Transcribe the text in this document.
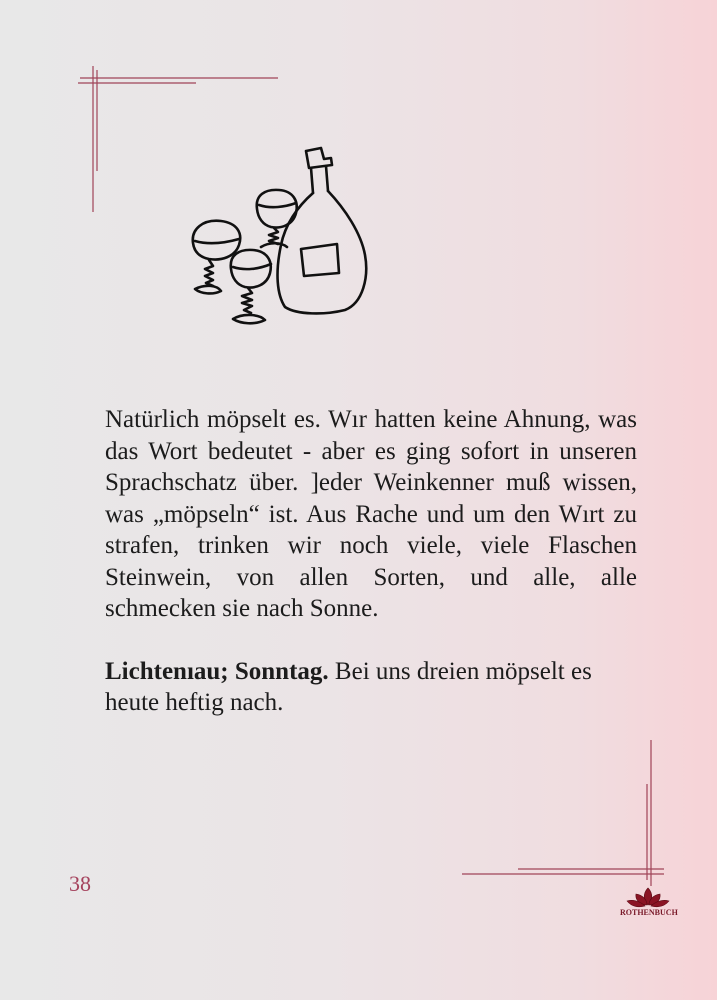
Natürlich möpselt es. Wır hatten keine Ahnung, was das Wort bedeutet - aber es ging sofort in unseren Sprachschatz über. ]eder Weinkenner muß wissen, was „möpseln“ ist. Aus Rache und um den Wırt zu strafen, trinken wir noch viele, viele Flaschen Steinwein, von allen Sorten, und alle, alle schmecken sie nach Sonne.

Lichtenıau; Sonntag. Bei uns dreien möpselt es heute heftig nach.

38
ROTHENBUCH
